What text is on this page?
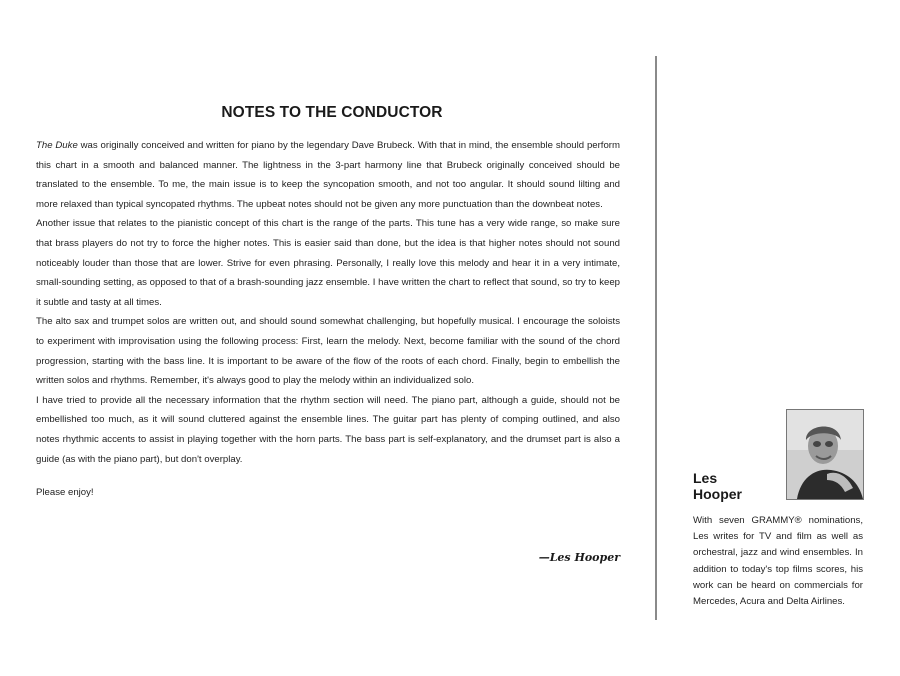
NOTES TO THE CONDUCTOR

The Duke was originally conceived and written for piano by the legendary Dave Brubeck. With that in mind, the ensemble should perform this chart in a smooth and balanced manner. The lightness in the 3-part harmony line that Brubeck originally conceived should be translated to the ensemble. To me, the main issue is to keep the syncopation smooth, and not too angular. It should sound lilting and more relaxed than typical syncopated rhythms. The upbeat notes should not be given any more punctuation than the downbeat notes.

Another issue that relates to the pianistic concept of this chart is the range of the parts. This tune has a very wide range, so make sure that brass players do not try to force the higher notes. This is easier said than done, but the idea is that higher notes should not sound noticeably louder than those that are lower. Strive for even phrasing. Personally, I really love this melody and hear it in a very intimate, small-sounding setting, as opposed to that of a brash-sounding jazz ensemble. I have written the chart to reflect that sound, so try to keep it subtle and tasty at all times.

The alto sax and trumpet solos are written out, and should sound somewhat challenging, but hopefully musical. I encourage the soloists to experiment with improvisation using the following process: First, learn the melody. Next, become familiar with the sound of the chord progression, starting with the bass line. It is important to be aware of the flow of the roots of each chord. Finally, begin to embellish the written solos and rhythms. Remember, it's always good to play the melody within an individualized solo.

I have tried to provide all the necessary information that the rhythm section will need. The piano part, although a guide, should not be embellished too much, as it will sound cluttered against the ensemble lines. The guitar part has plenty of comping outlined, and also notes rhythmic accents to assist in playing together with the horn parts. The bass part is self-explanatory, and the drumset part is also a guide (as with the piano part), but don't overplay.

Please enjoy!
—Les Hooper
Les
Hooper
With seven GRAMMY® nominations, Les writes for TV and film as well as orchestral, jazz and wind ensembles. In addition to today's top films scores, his work can be heard on commercials for Mercedes, Acura and Delta Airlines.
